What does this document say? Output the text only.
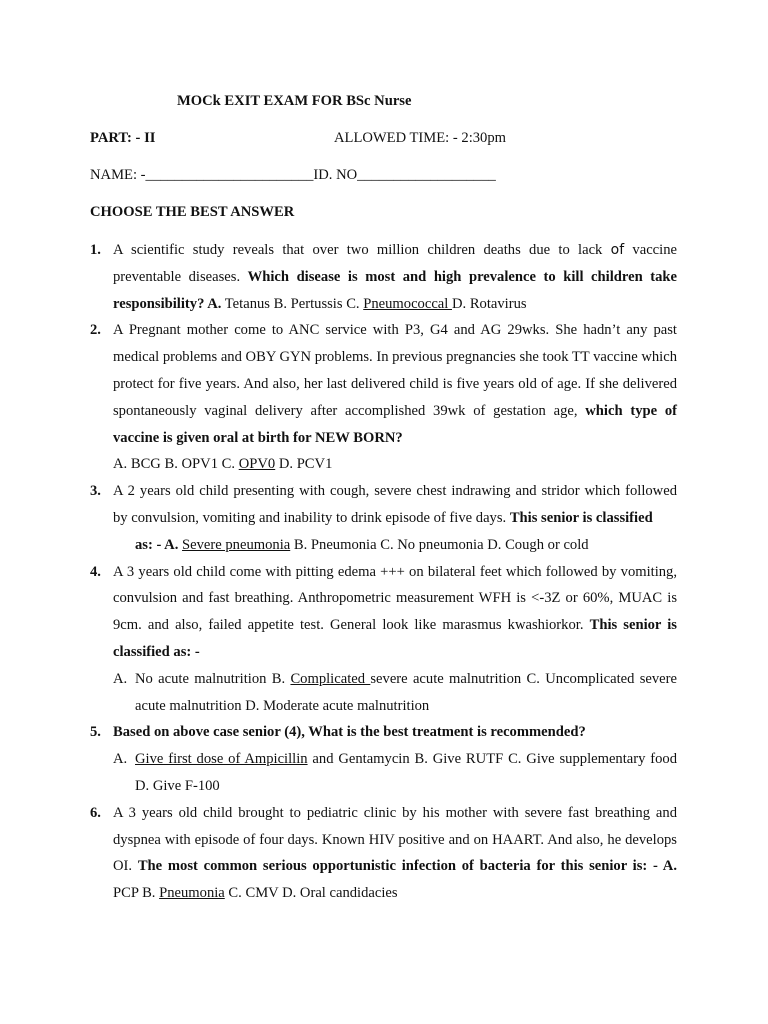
MOCk EXIT EXAM FOR BSc Nurse
PART: - II	ALLOWED TIME: - 2:30pm
NAME: -_______________________ID. NO___________________
CHOOSE THE BEST ANSWER
1. A scientific study reveals that over two million children deaths due to lack of vaccine preventable diseases. Which disease is most and high prevalence to kill children take responsibility? A. Tetanus B. Pertussis C. Pneumococcal D. Rotavirus
2. A Pregnant mother come to ANC service with P3, G4 and AG 29wks. She hadn’t any past medical problems and OBY GYN problems. In previous pregnancies she took TT vaccine which protect for five years. And also, her last delivered child is five years old of age. If she delivered spontaneously vaginal delivery after accomplished 39wk of gestation age, which type of vaccine is given oral at birth for NEW BORN?
A. BCG B. OPV1 C. OPV0 D. PCV1
3. A 2 years old child presenting with cough, severe chest indrawing and stridor which followed by convulsion, vomiting and inability to drink episode of five days. This senior is classified
as: - A. Severe pneumonia B. Pneumonia C. No pneumonia D. Cough or cold
4. A 3 years old child come with pitting edema +++ on bilateral feet which followed by vomiting, convulsion and fast breathing. Anthropometric measurement WFH is <-3Z or 60%, MUAC is 9cm. and also, failed appetite test. General look like marasmus kwashiorkor. This senior is classified as: -
A. No acute malnutrition B. Complicated severe acute malnutrition C. Uncomplicated severe acute malnutrition D. Moderate acute malnutrition
5. Based on above case senior (4), What is the best treatment is recommended?
A. Give first dose of Ampicillin and Gentamycin B. Give RUTF C. Give supplementary food D. Give F-100
6. A 3 years old child brought to pediatric clinic by his mother with severe fast breathing and dyspnea with episode of four days. Known HIV positive and on HAART. And also, he develops OI. The most common serious opportunistic infection of bacteria for this senior is: - A. PCP B. Pneumonia C. CMV D. Oral candidacies
